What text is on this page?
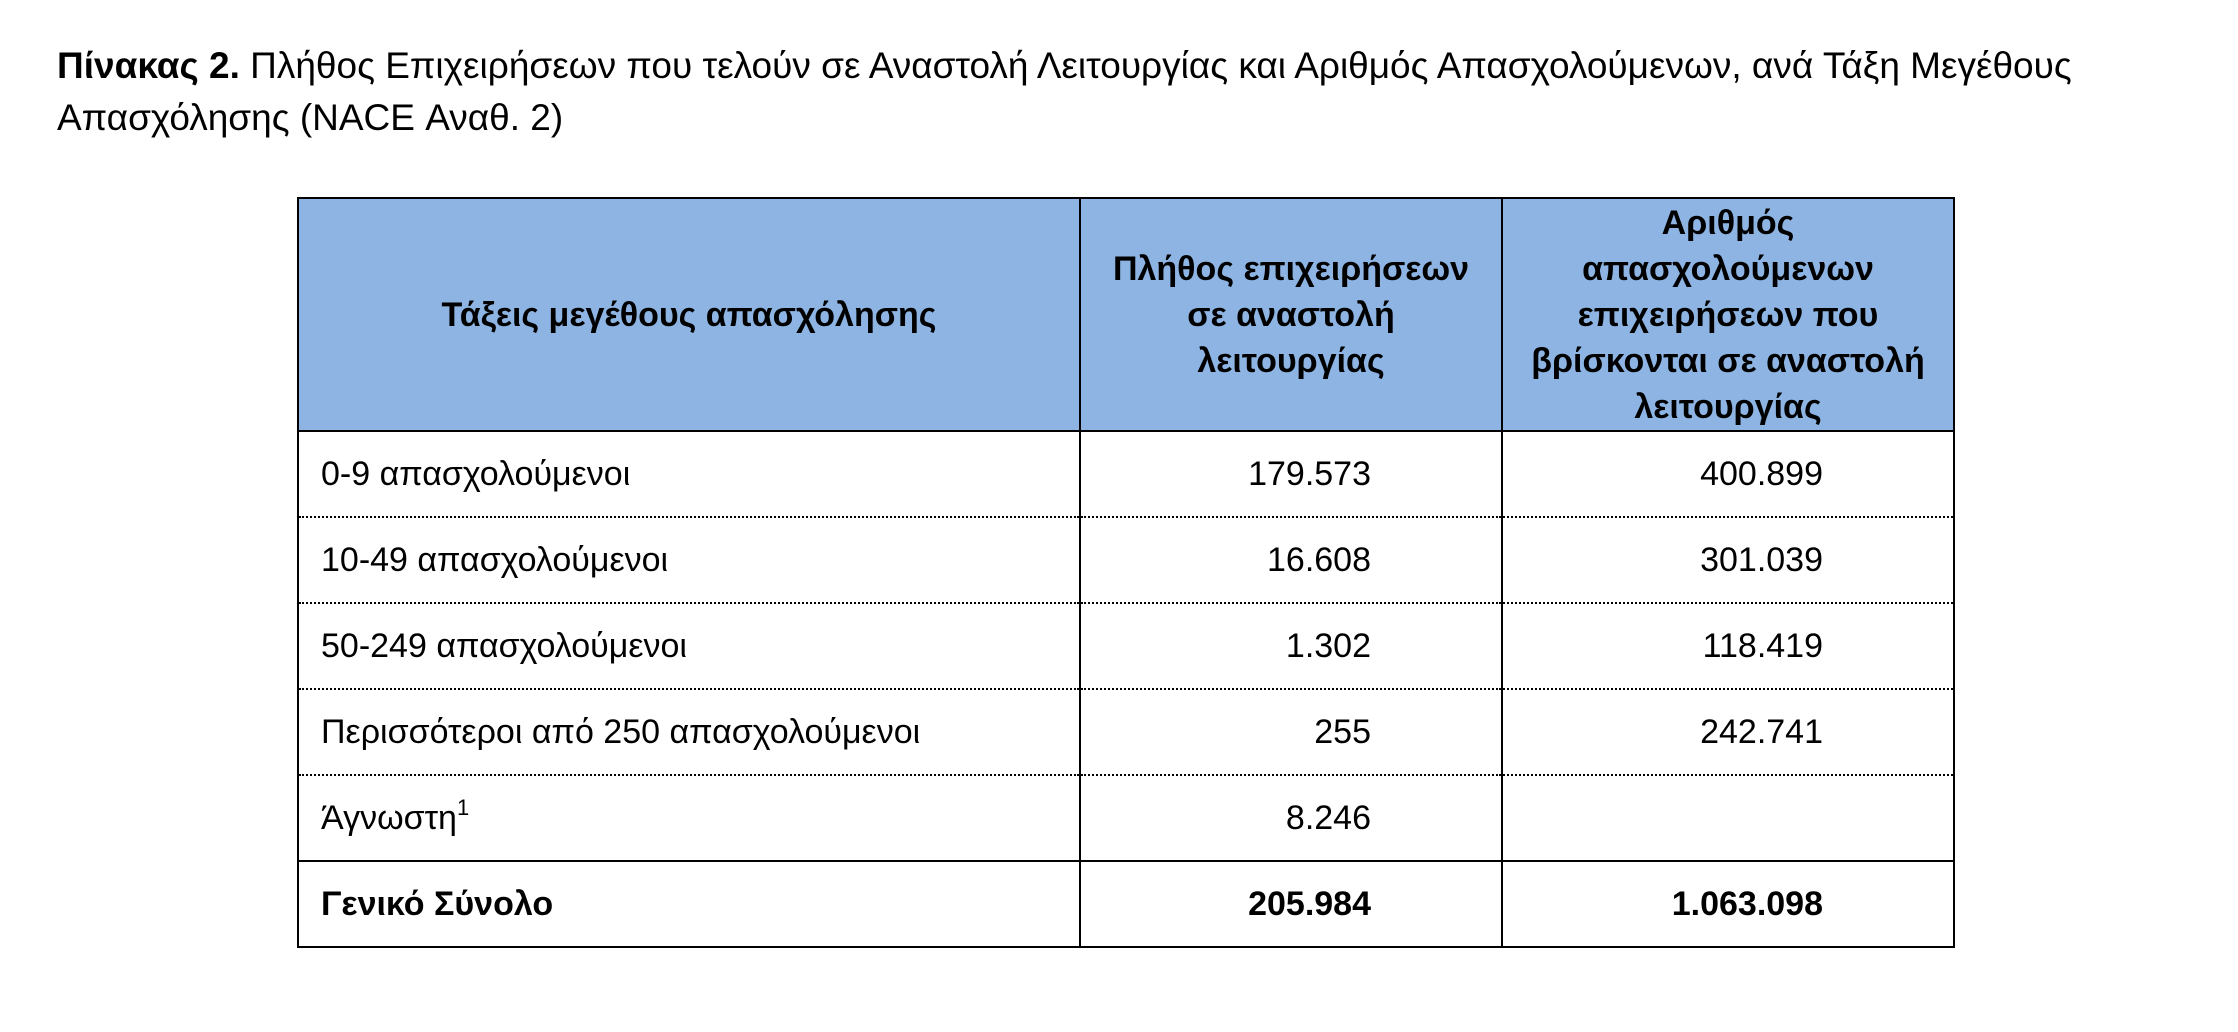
Πίνακας 2. Πλήθος Επιχειρήσεων που τελούν σε Αναστολή Λειτουργίας και Αριθμός Απασχολούμενων, ανά Τάξη Μεγέθους Απασχόλησης (NACE Αναθ. 2)
Τάξεις μεγέθους απασχόλησης	Πλήθος επιχειρήσεων σε αναστολή λειτουργίας	Αριθμός απασχολούμενων επιχειρήσεων που βρίσκονται σε αναστολή λειτουργίας

0-9 απασχολούμενοι	179.573	400.899
10-49 απασχολούμενοι	16.608	301.039
50-249 απασχολούμενοι	1.302	118.419
Περισσότεροι από 250 απασχολούμενοι	255	242.741
Άγνωστη$^1$	8.246	
Γενικό Σύνολο	205.984	1.063.098
